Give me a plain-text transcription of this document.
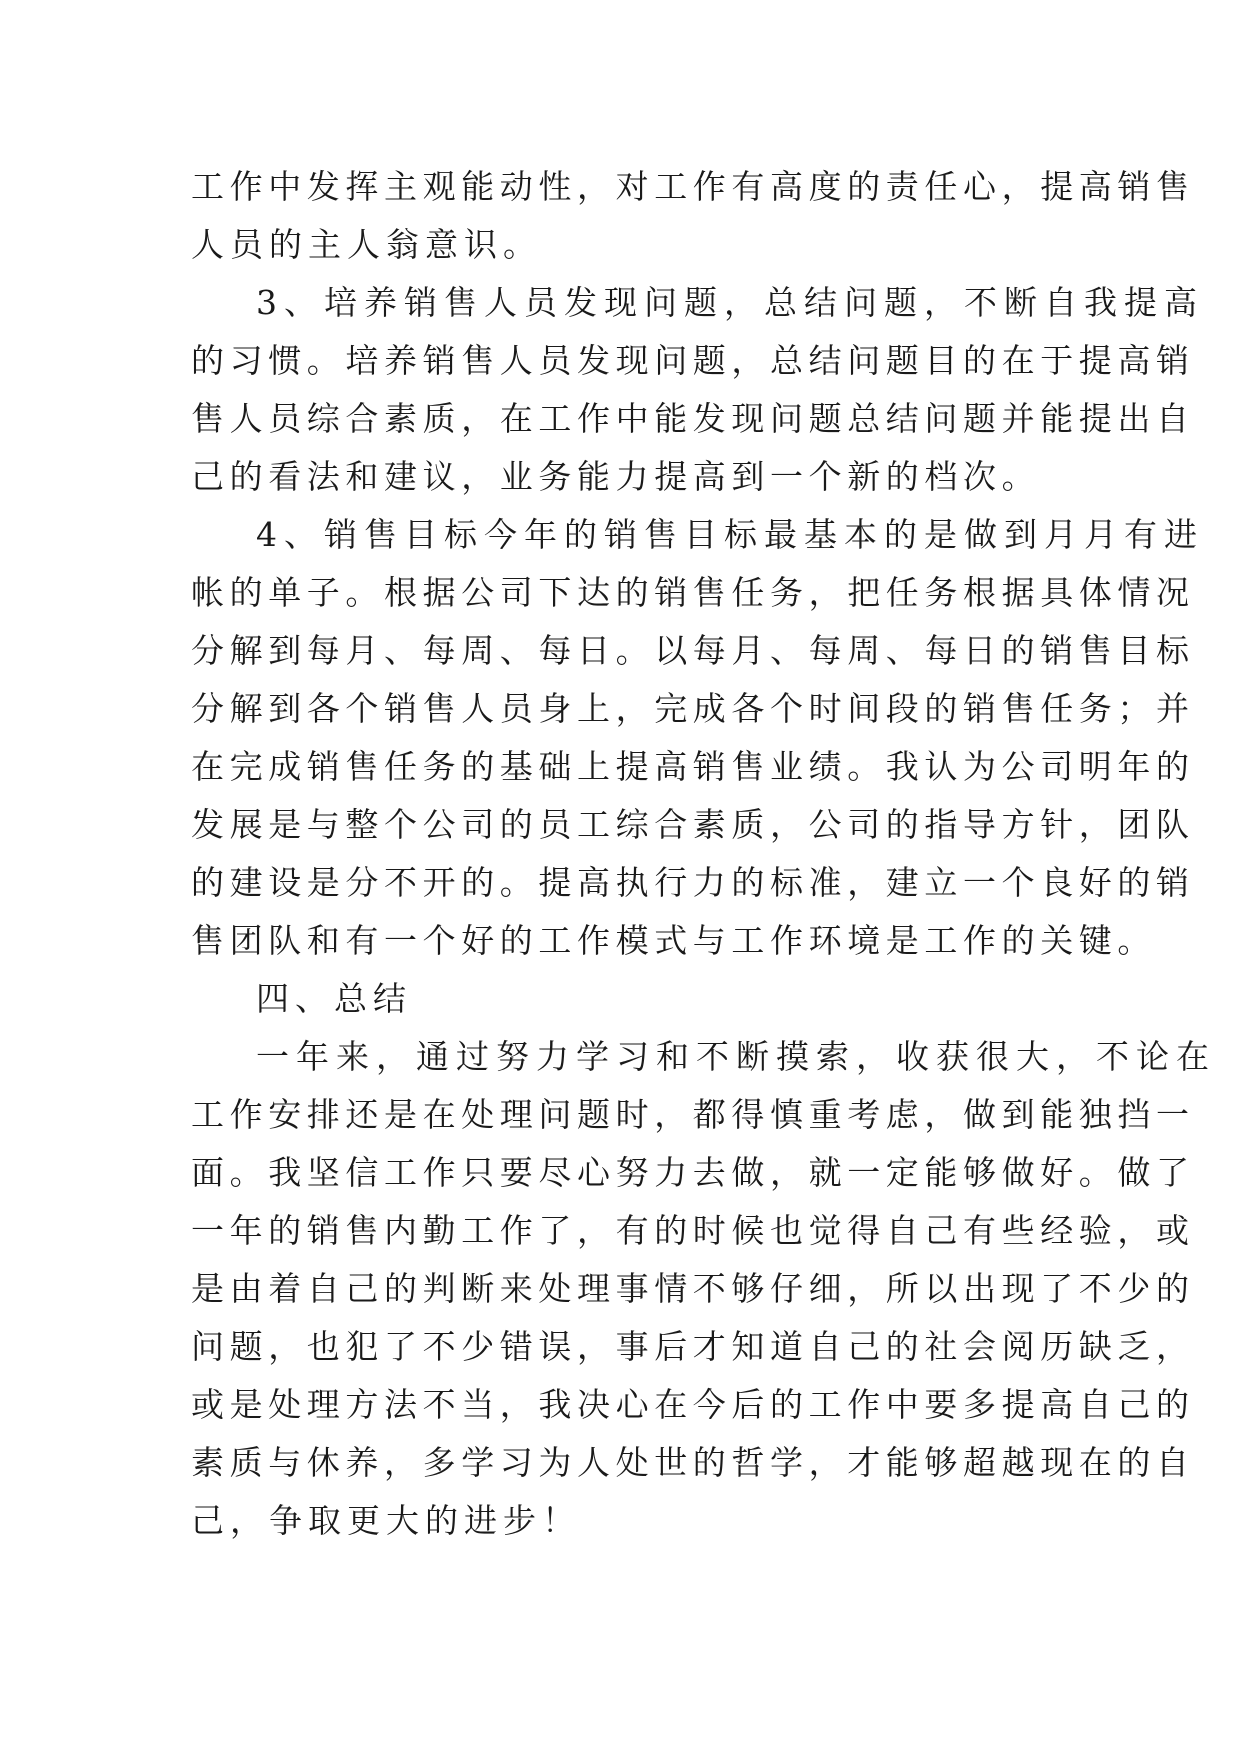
工作中发挥主观能动性，对工作有高度的责任心，提高销售
人员的主人翁意识。
3、培养销售人员发现问题，总结问题，不断自我提高
的习惯。培养销售人员发现问题，总结问题目的在于提高销
售人员综合素质，在工作中能发现问题总结问题并能提出自
己的看法和建议，业务能力提高到一个新的档次。
4、销售目标今年的销售目标最基本的是做到月月有进
帐的单子。根据公司下达的销售任务，把任务根据具体情况
分解到每月、每周、每日。以每月、每周、每日的销售目标
分解到各个销售人员身上，完成各个时间段的销售任务；并
在完成销售任务的基础上提高销售业绩。我认为公司明年的
发展是与整个公司的员工综合素质，公司的指导方针，团队
的建设是分不开的。提高执行力的标准，建立一个良好的销
售团队和有一个好的工作模式与工作环境是工作的关键。
四、总结
一年来，通过努力学习和不断摸索，收获很大，不论在
工作安排还是在处理问题时，都得慎重考虑，做到能独挡一
面。我坚信工作只要尽心努力去做，就一定能够做好。做了
一年的销售内勤工作了，有的时候也觉得自己有些经验，或
是由着自己的判断来处理事情不够仔细，所以出现了不少的
问题，也犯了不少错误，事后才知道自己的社会阅历缺乏，
或是处理方法不当，我决心在今后的工作中要多提高自己的
素质与休养，多学习为人处世的哲学，才能够超越现在的自
己，争取更大的进步！
